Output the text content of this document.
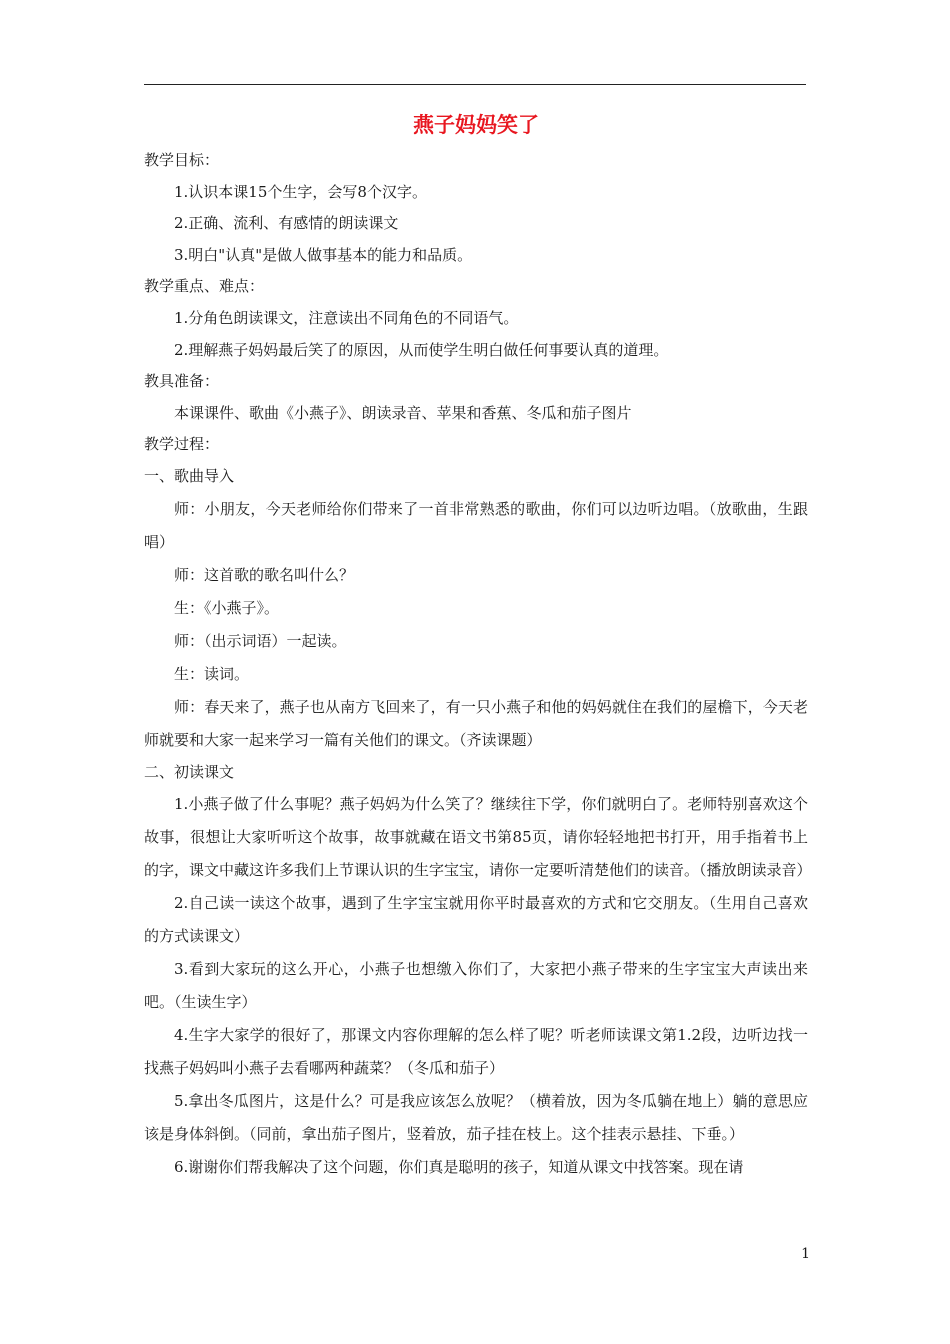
燕子妈妈笑了

教学目标：

1.认识本课15个生字，会写8个汉字。

2.正确、流利、有感情的朗读课文

3.明白"认真"是做人做事基本的能力和品质。

教学重点、难点：

1.分角色朗读课文，注意读出不同角色的不同语气。

2.理解燕子妈妈最后笑了的原因，从而使学生明白做任何事要认真的道理。

教具准备：

本课课件、歌曲《小燕子》、朗读录音、苹果和香蕉、冬瓜和茄子图片

教学过程：

一、歌曲导入

师：小朋友，今天老师给你们带来了一首非常熟悉的歌曲，你们可以边听边唱。（放歌曲，生跟唱）

师：这首歌的歌名叫什么？

生：《小燕子》。

师：（出示词语）一起读。

生：读词。

师：春天来了，燕子也从南方飞回来了，有一只小燕子和他的妈妈就住在我们的屋檐下，今天老师就要和大家一起来学习一篇有关他们的课文。（齐读课题）

二、初读课文

1.小燕子做了什么事呢？燕子妈妈为什么笑了？继续往下学，你们就明白了。老师特别喜欢这个故事，很想让大家听听这个故事，故事就藏在语文书第85页，请你轻轻地把书打开，用手指着书上的字，课文中藏这许多我们上节课认识的生字宝宝，请你一定要听清楚他们的读音。（播放朗读录音）

2.自己读一读这个故事，遇到了生字宝宝就用你平时最喜欢的方式和它交朋友。（生用自己喜欢的方式读课文）

3.看到大家玩的这么开心，小燕子也想缴入你们了，大家把小燕子带来的生字宝宝大声读出来吧。（生读生字）

4.生字大家学的很好了，那课文内容你理解的怎么样了呢？听老师读课文第1.2段，边听边找一找燕子妈妈叫小燕子去看哪两种蔬菜？（冬瓜和茄子）

5.拿出冬瓜图片，这是什么？可是我应该怎么放呢？（横着放，因为冬瓜躺在地上）躺的意思应该是身体斜倒。（同前，拿出茄子图片，竖着放，茄子挂在枝上。这个挂表示悬挂、下垂。）

6.谢谢你们帮我解决了这个问题，你们真是聪明的孩子，知道从课文中找答案。现在请

1
